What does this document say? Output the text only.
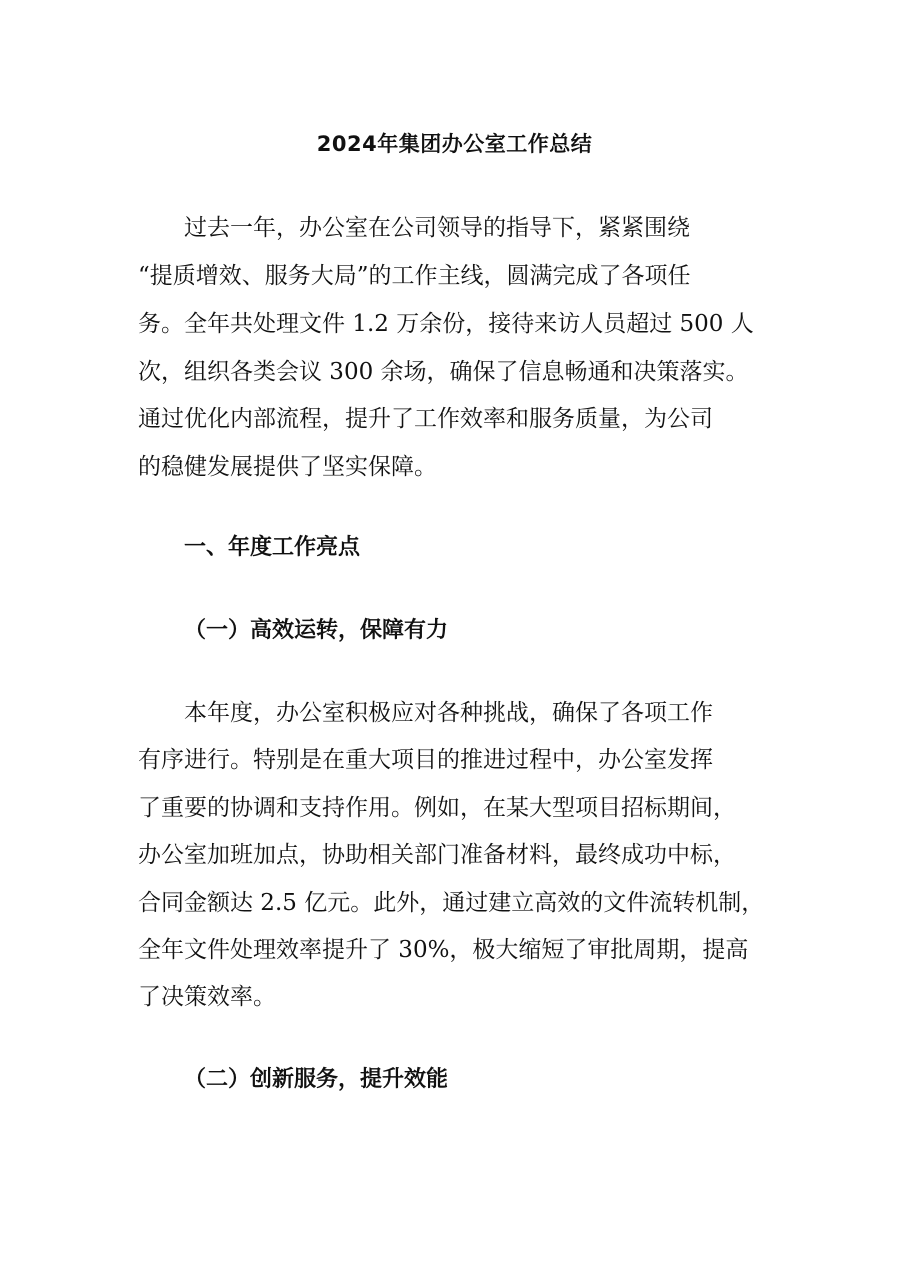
2024年集团办公室工作总结
过去一年，办公室在公司领导的指导下，紧紧围绕
“提质增效、服务大局”的工作主线，圆满完成了各项任
务。全年共处理文件 1.2 万余份，接待来访人员超过 500 人
次，组织各类会议 300 余场，确保了信息畅通和决策落实。
通过优化内部流程，提升了工作效率和服务质量，为公司
的稳健发展提供了坚实保障。
一、年度工作亮点
（一）高效运转，保障有力
本年度，办公室积极应对各种挑战，确保了各项工作
有序进行。特别是在重大项目的推进过程中，办公室发挥
了重要的协调和支持作用。例如，在某大型项目招标期间，
办公室加班加点，协助相关部门准备材料，最终成功中标，
合同金额达 2.5 亿元。此外，通过建立高效的文件流转机制，
全年文件处理效率提升了 30%，极大缩短了审批周期，提高
了决策效率。
（二）创新服务，提升效能
